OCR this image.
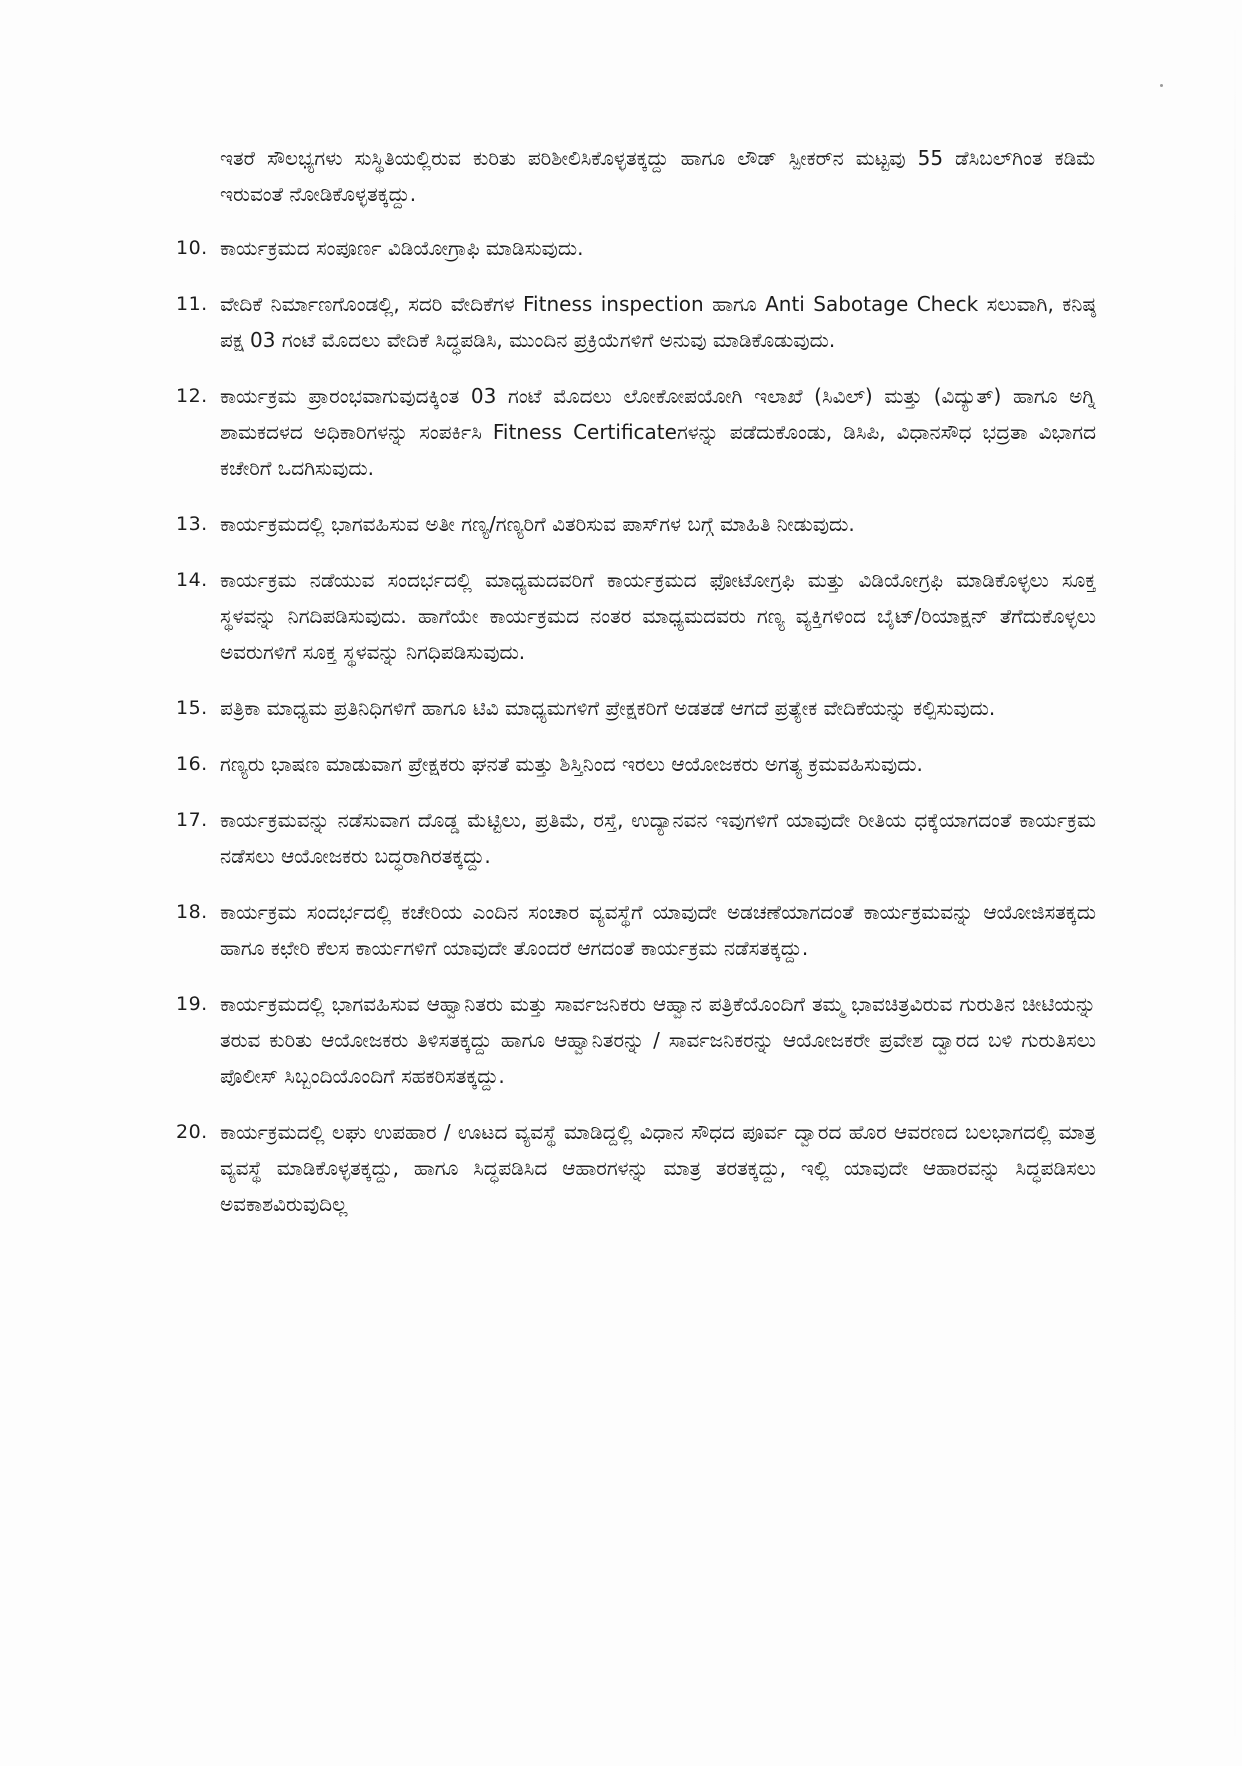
ಇತರೆ ಸೌಲಭ್ಯಗಳು ಸುಸ್ಥಿತಿಯಲ್ಲಿರುವ ಕುರಿತು ಪರಿಶೀಲಿಸಿಕೊಳ್ಳತಕ್ಕದ್ದು ಹಾಗೂ ಲೌಡ್ ಸ್ಪೀಕರ್‌ನ ಮಟ್ಟವು 55 ಡೆಸಿಬಲ್‌ಗಿಂತ ಕಡಿಮೆ ಇರುವಂತೆ ನೋಡಿಕೊಳ್ಳತಕ್ಕದ್ದು.

10. ಕಾರ್ಯಕ್ರಮದ ಸಂಪೂರ್ಣ ವಿಡಿಯೋಗ್ರಾಫಿ ಮಾಡಿಸುವುದು.
11. ವೇದಿಕೆ ನಿರ್ಮಾಣಗೊಂಡಲ್ಲಿ, ಸದರಿ ವೇದಿಕೆಗಳ Fitness inspection ಹಾಗೂ Anti Sabotage Check ಸಲುವಾಗಿ, ಕನಿಷ್ಠ ಪಕ್ಷ 03 ಗಂಟೆ ಮೊದಲು ವೇದಿಕೆ ಸಿದ್ಧಪಡಿಸಿ, ಮುಂದಿನ ಪ್ರಕ್ರಿಯೆಗಳಿಗೆ ಅನುವು ಮಾಡಿಕೊಡುವುದು.
12. ಕಾರ್ಯಕ್ರಮ ಪ್ರಾರಂಭವಾಗುವುದಕ್ಕಿಂತ 03 ಗಂಟೆ ಮೊದಲು ಲೋಕೋಪಯೋಗಿ ಇಲಾಖೆ (ಸಿವಿಲ್) ಮತ್ತು (ವಿದ್ಯುತ್) ಹಾಗೂ ಅಗ್ನಿ ಶಾಮಕದಳದ ಅಧಿಕಾರಿಗಳನ್ನು ಸಂಪರ್ಕಿಸಿ Fitness Certificateಗಳನ್ನು ಪಡೆದುಕೊಂಡು, ಡಿಸಿಪಿ, ವಿಧಾನಸೌಧ ಭದ್ರತಾ ವಿಭಾಗದ ಕಚೇರಿಗೆ ಒದಗಿಸುವುದು.
13. ಕಾರ್ಯಕ್ರಮದಲ್ಲಿ ಭಾಗವಹಿಸುವ ಅತೀ ಗಣ್ಯ/ಗಣ್ಯರಿಗೆ ವಿತರಿಸುವ ಪಾಸ್‌ಗಳ ಬಗ್ಗೆ ಮಾಹಿತಿ ನೀಡುವುದು.
14. ಕಾರ್ಯಕ್ರಮ ನಡೆಯುವ ಸಂದರ್ಭದಲ್ಲಿ ಮಾಧ್ಯಮದವರಿಗೆ ಕಾರ್ಯಕ್ರಮದ ಫೋಟೋಗ್ರಫಿ ಮತ್ತು ವಿಡಿಯೋಗ್ರಫಿ ಮಾಡಿಕೊಳ್ಳಲು ಸೂಕ್ತ ಸ್ಥಳವನ್ನು ನಿಗದಿಪಡಿಸುವುದು. ಹಾಗೆಯೇ ಕಾರ್ಯಕ್ರಮದ ನಂತರ ಮಾಧ್ಯಮದವರು ಗಣ್ಯ ವ್ಯಕ್ತಿಗಳಿಂದ ಬೈಟ್/ರಿಯಾಕ್ಷನ್ ತೆಗೆದುಕೊಳ್ಳಲು ಅವರುಗಳಿಗೆ ಸೂಕ್ತ ಸ್ಥಳವನ್ನು ನಿಗಧಿಪಡಿಸುವುದು.
15. ಪತ್ರಿಕಾ ಮಾಧ್ಯಮ ಪ್ರತಿನಿಧಿಗಳಿಗೆ ಹಾಗೂ ಟಿವಿ ಮಾಧ್ಯಮಗಳಿಗೆ ಪ್ರೇಕ್ಷಕರಿಗೆ ಅಡತಡೆ ಆಗದೆ ಪ್ರತ್ಯೇಕ ವೇದಿಕೆಯನ್ನು ಕಲ್ಪಿಸುವುದು.
16. ಗಣ್ಯರು ಭಾಷಣ ಮಾಡುವಾಗ ಪ್ರೇಕ್ಷಕರು ಘನತೆ ಮತ್ತು ಶಿಸ್ತಿನಿಂದ ಇರಲು ಆಯೋಜಕರು ಅಗತ್ಯ ಕ್ರಮವಹಿಸುವುದು.
17. ಕಾರ್ಯಕ್ರಮವನ್ನು ನಡೆಸುವಾಗ ದೊಡ್ಡ ಮೆಟ್ಟಿಲು, ಪ್ರತಿಮೆ, ರಸ್ತೆ, ಉದ್ಯಾನವನ ಇವುಗಳಿಗೆ ಯಾವುದೇ ರೀತಿಯ ಧಕ್ಕೆಯಾಗದಂತೆ ಕಾರ್ಯಕ್ರಮ ನಡೆಸಲು ಆಯೋಜಕರು ಬದ್ಧರಾಗಿರತಕ್ಕದ್ದು.
18. ಕಾರ್ಯಕ್ರಮ ಸಂದರ್ಭದಲ್ಲಿ ಕಚೇರಿಯ ಎಂದಿನ ಸಂಚಾರ ವ್ಯವಸ್ಥೆಗೆ ಯಾವುದೇ ಅಡಚಣೆಯಾಗದಂತೆ ಕಾರ್ಯಕ್ರಮವನ್ನು ಆಯೋಜಿಸತಕ್ಕದು ಹಾಗೂ ಕಛೇರಿ ಕೆಲಸ ಕಾರ್ಯಗಳಿಗೆ ಯಾವುದೇ ತೊಂದರೆ ಆಗದಂತೆ ಕಾರ್ಯಕ್ರಮ ನಡೆಸತಕ್ಕದ್ದು.
19. ಕಾರ್ಯಕ್ರಮದಲ್ಲಿ ಭಾಗವಹಿಸುವ ಆಹ್ವಾನಿತರು ಮತ್ತು ಸಾರ್ವಜನಿಕರು ಆಹ್ವಾನ ಪತ್ರಿಕೆಯೊಂದಿಗೆ ತಮ್ಮ ಭಾವಚಿತ್ರವಿರುವ ಗುರುತಿನ ಚೀಟಿಯನ್ನು ತರುವ ಕುರಿತು ಆಯೋಜಕರು ತಿಳಿಸತಕ್ಕದ್ದು ಹಾಗೂ ಆಹ್ವಾನಿತರನ್ನು / ಸಾರ್ವಜನಿಕರನ್ನು ಆಯೋಜಕರೇ ಪ್ರವೇಶ ದ್ವಾರದ ಬಳಿ ಗುರುತಿಸಲು ಪೊಲೀಸ್ ಸಿಬ್ಬಂದಿಯೊಂದಿಗೆ ಸಹಕರಿಸತಕ್ಕದ್ದು.
20. ಕಾರ್ಯಕ್ರಮದಲ್ಲಿ ಲಘು ಉಪಹಾರ / ಊಟದ ವ್ಯವಸ್ಥೆ ಮಾಡಿದ್ದಲ್ಲಿ ವಿಧಾನ ಸೌಧದ ಪೂರ್ವ ದ್ವಾರದ ಹೊರ ಆವರಣದ ಬಲಭಾಗದಲ್ಲಿ ಮಾತ್ರ ವ್ಯವಸ್ಥೆ ಮಾಡಿಕೊಳ್ಳತಕ್ಕದ್ದು, ಹಾಗೂ ಸಿದ್ಧಪಡಿಸಿದ ಆಹಾರಗಳನ್ನು ಮಾತ್ರ ತರತಕ್ಕದ್ದು, ಇಲ್ಲಿ ಯಾವುದೇ ಆಹಾರವನ್ನು ಸಿದ್ಧಪಡಿಸಲು ಅವಕಾಶವಿರುವುದಿಲ್ಲ
